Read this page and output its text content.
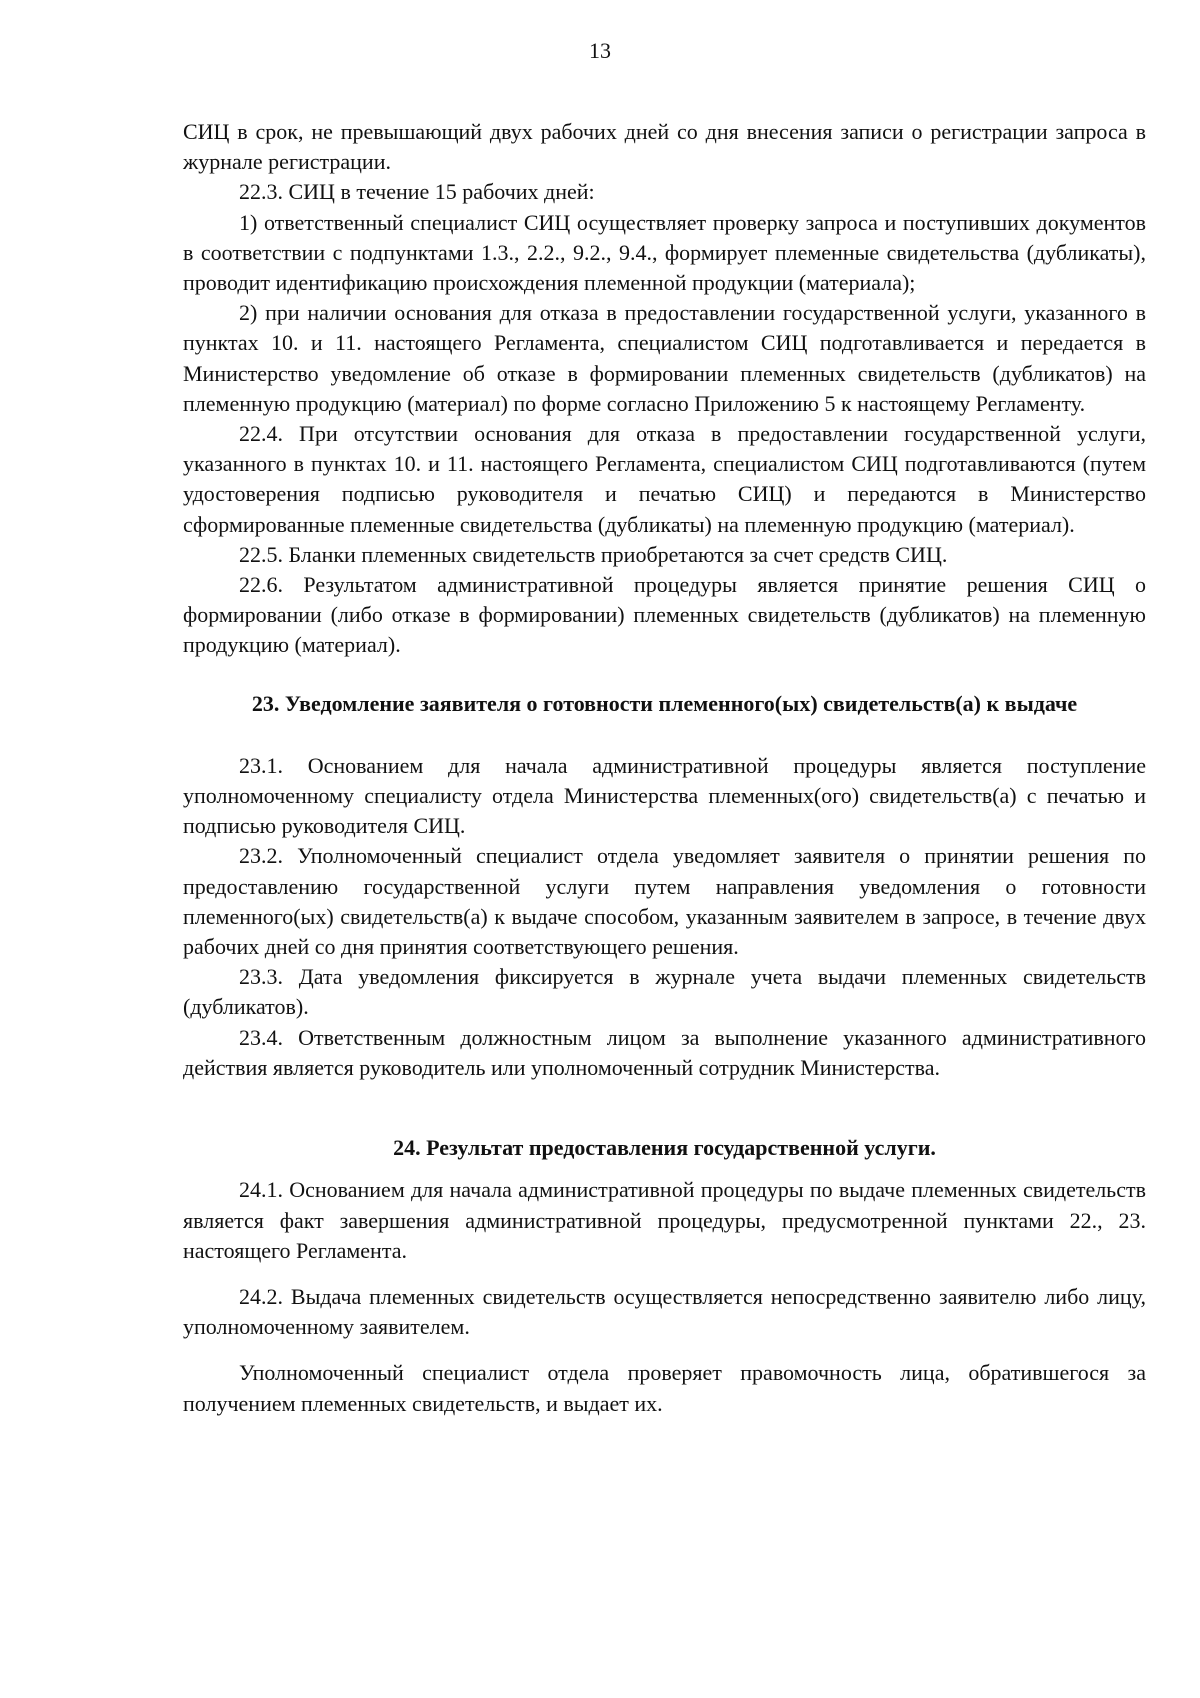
13

СИЦ в срок, не превышающий двух рабочих дней со дня внесения записи о регистрации запроса в журнале регистрации.

22.3. СИЦ в течение 15 рабочих дней:

1) ответственный специалист СИЦ осуществляет проверку запроса и поступивших документов в соответствии с подпунктами 1.3., 2.2., 9.2., 9.4., формирует племенные свидетельства (дубликаты), проводит идентификацию происхождения племенной продукции (материала);

2) при наличии основания для отказа в предоставлении государственной услуги, указанного в пунктах 10. и 11. настоящего Регламента, специалистом СИЦ подготавливается и передается в Министерство уведомление об отказе в формировании племенных свидетельств (дубликатов) на племенную продукцию (материал) по форме согласно Приложению 5 к настоящему Регламенту.

22.4. При отсутствии основания для отказа в предоставлении государственной услуги, указанного в пунктах 10. и 11. настоящего Регламента, специалистом СИЦ подготавливаются (путем удостоверения подписью руководителя и печатью СИЦ) и передаются в Министерство сформированные племенные свидетельства (дубликаты) на племенную продукцию (материал).

22.5. Бланки племенных свидетельств приобретаются за счет средств СИЦ.

22.6. Результатом административной процедуры является принятие решения СИЦ о формировании (либо отказе в формировании) племенных свидетельств (дубликатов) на племенную продукцию (материал).

23. Уведомление заявителя о готовности племенного(ых) свидетельств(а) к выдаче

23.1. Основанием для начала административной процедуры является поступление уполномоченному специалисту отдела Министерства племенных(ого) свидетельств(а) с печатью и подписью руководителя СИЦ.

23.2. Уполномоченный специалист отдела уведомляет заявителя о принятии решения по предоставлению государственной услуги путем направления уведомления о готовности племенного(ых) свидетельств(а) к выдаче способом, указанным заявителем в запросе, в течение двух рабочих дней со дня принятия соответствующего решения.

23.3. Дата уведомления фиксируется в журнале учета выдачи племенных свидетельств (дубликатов).

23.4. Ответственным должностным лицом за выполнение указанного административного действия является руководитель или уполномоченный сотрудник Министерства.

24. Результат предоставления государственной услуги.

24.1. Основанием для начала административной процедуры по выдаче племенных свидетельств является факт завершения административной процедуры, предусмотренной пунктами 22., 23. настоящего Регламента.

24.2. Выдача племенных свидетельств осуществляется непосредственно заявителю либо лицу, уполномоченному заявителем.

Уполномоченный специалист отдела проверяет правомочность лица, обратившегося за получением племенных свидетельств, и выдает их.
